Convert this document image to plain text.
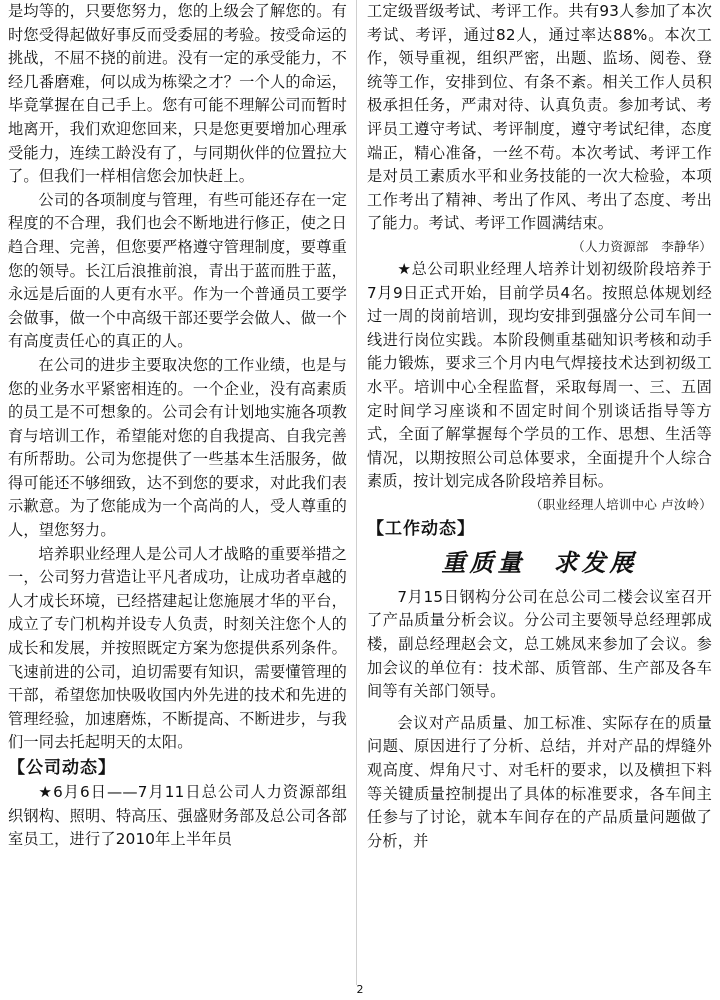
是均等的，只要您努力，您的上级会了解您的。有时您受得起做好事反而受委屈的考验。按受命运的挑战，不屈不挠的前进。没有一定的承受能力，不经几番磨难，何以成为栋梁之才？一个人的命运，毕竟掌握在自己手上。您有可能不理解公司而暂时地离开，我们欢迎您回来，只是您更要增加心理承受能力，连续工龄没有了，与同期伙伴的位置拉大了。但我们一样相信您会加快赶上。

公司的各项制度与管理，有些可能还存在一定程度的不合理，我们也会不断地进行修正，使之日趋合理、完善，但您要严格遵守管理制度，要尊重您的领导。长江后浪推前浪，青出于蓝而胜于蓝，永远是后面的人更有水平。作为一个普通员工要学会做事，做一个中高级干部还要学会做人、做一个有高度责任心的真正的人。

在公司的进步主要取决您的工作业绩，也是与您的业务水平紧密相连的。一个企业，没有高素质的员工是不可想象的。公司会有计划地实施各项教育与培训工作，希望能对您的自我提高、自我完善有所帮助。公司为您提供了一些基本生活服务，做得可能还不够细致，达不到您的要求，对此我们表示歉意。为了您能成为一个高尚的人，受人尊重的人，望您努力。

培养职业经理人是公司人才战略的重要举措之一，公司努力营造让平凡者成功，让成功者卓越的人才成长环境，已经搭建起让您施展才华的平台，成立了专门机构并设专人负责，时刻关注您个人的成长和发展，并按照既定方案为您提供系列条件。飞速前进的公司，迫切需要有知识，需要懂管理的干部，希望您加快吸收国内外先进的技术和先进的管理经验，加速磨炼，不断提高、不断进步，与我们一同去托起明天的太阳。

【公司动态】

★6月6日——7月11日总公司人力资源部组织钢构、照明、特高压、强盛财务部及总公司各部室员工，进行了2010年上半年员

工定级晋级考试、考评工作。共有93人参加了本次考试、考评，通过82人，通过率达88%。本次工作，领导重视，组织严密，出题、监场、阅卷、登统等工作，安排到位、有条不紊。相关工作人员积极承担任务，严肃对待、认真负责。参加考试、考评员工遵守考试、考评制度，遵守考试纪律，态度端正，精心准备，一丝不苟。本次考试、考评工作是对员工素质水平和业务技能的一次大检验，本项工作考出了精神、考出了作风、考出了态度、考出了能力。考试、考评工作圆满结束。

（人力资源部　李静华）

★总公司职业经理人培养计划初级阶段培养于7月9日正式开始，目前学员4名。按照总体规划经过一周的岗前培训，现均安排到强盛分公司车间一线进行岗位实践。本阶段侧重基础知识考核和动手能力锻炼，要求三个月内电气焊接技术达到初级工水平。培训中心全程监督，采取每周一、三、五固定时间学习座谈和不固定时间个别谈话指导等方式，全面了解掌握每个学员的工作、思想、生活等情况，以期按照公司总体要求，全面提升个人综合素质，按计划完成各阶段培养目标。

（职业经理人培训中心 卢汝岭）

【工作动态】
重质量　求发展

7月15日钢构分公司在总公司二楼会议室召开了产品质量分析会议。分公司主要领导总经理郭成楼，副总经理赵会文，总工姚凤来参加了会议。参加会议的单位有：技术部、质管部、生产部及各车间等有关部门领导。

会议对产品质量、加工标准、实际存在的质量问题、原因进行了分析、总结，并对产品的焊缝外观高度、焊角尺寸、对毛杆的要求，以及横担下料等关键质量控制提出了具体的标准要求，各车间主任参与了讨论，就本车间存在的产品质量问题做了分析，并

2
